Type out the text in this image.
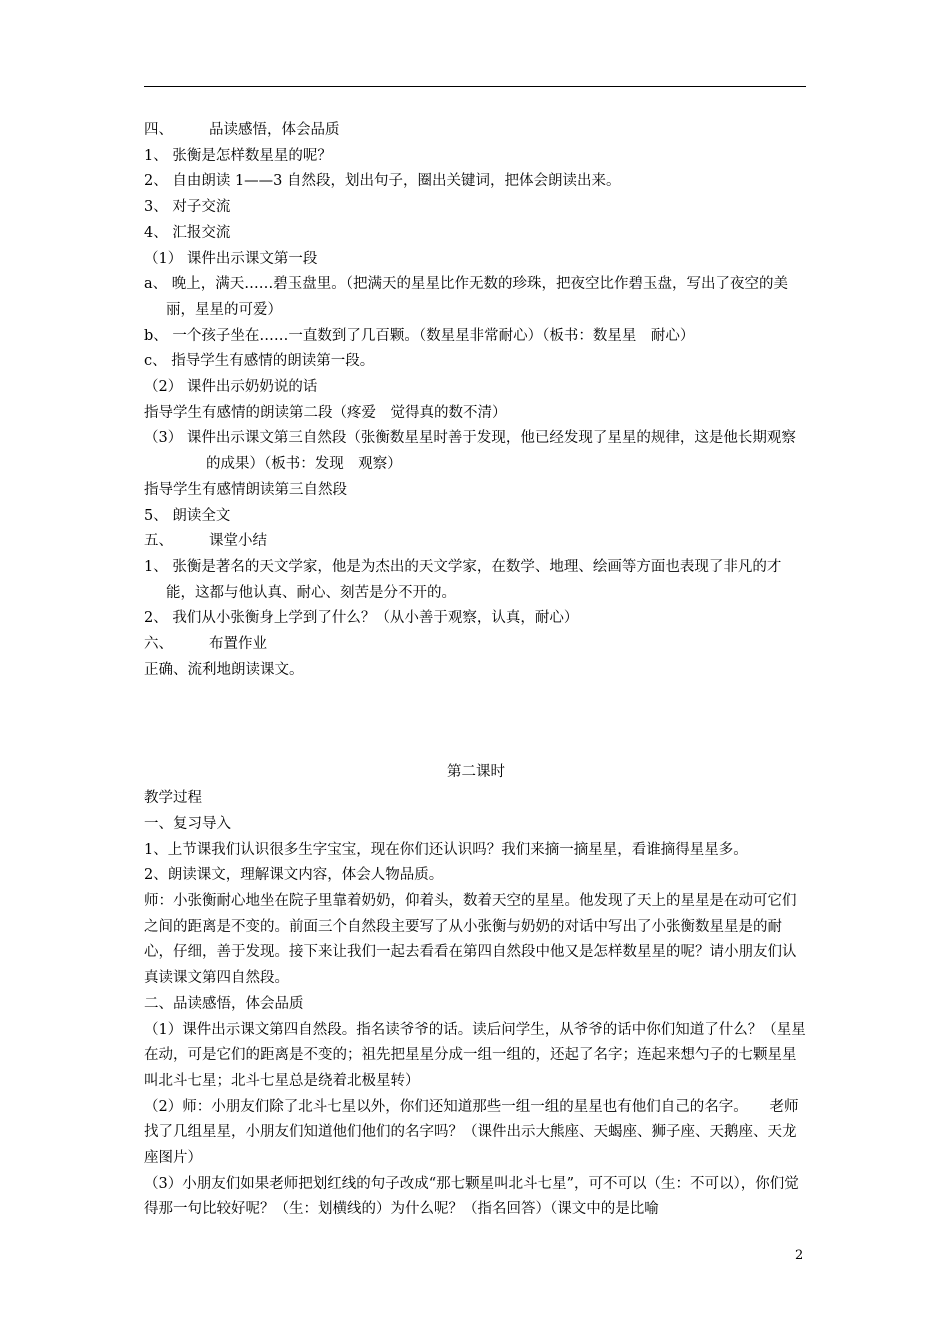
四、 品读感悟，体会品质
1、 张衡是怎样数星星的呢？
2、 自由朗读 1——3 自然段，划出句子，圈出关键词，把体会朗读出来。
3、 对子交流
4、 汇报交流
（1） 课件出示课文第一段
a、 晚上，满天……碧玉盘里。（把满天的星星比作无数的珍珠，把夜空比作碧玉盘，写出了夜空的美丽，星星的可爱）
b、 一个孩子坐在……一直数到了几百颗。（数星星非常耐心）（板书：数星星　耐心）
c、 指导学生有感情的朗读第一段。
（2） 课件出示奶奶说的话
指导学生有感情的朗读第二段（疼爱　觉得真的数不清）
（3） 课件出示课文第三自然段（张衡数星星时善于发现，他已经发现了星星的规律，这是他长期观察的成果）（板书：发现　观察）
指导学生有感情朗读第三自然段
5、 朗读全文
五、 课堂小结
1、 张衡是著名的天文学家，他是为杰出的天文学家，在数学、地理、绘画等方面也表现了非凡的才能，这都与他认真、耐心、刻苦是分不开的。
2、 我们从小张衡身上学到了什么？（从小善于观察，认真，耐心）
六、 布置作业
正确、流利地朗读课文。
第二课时
教学过程
一、复习导入
1、上节课我们认识很多生字宝宝，现在你们还认识吗？我们来摘一摘星星，看谁摘得星星多。
2、朗读课文，理解课文内容，体会人物品质。
师：小张衡耐心地坐在院子里靠着奶奶，仰着头，数着天空的星星。他发现了天上的星星是在动可它们之间的距离是不变的。前面三个自然段主要写了从小张衡与奶奶的对话中写出了小张衡数星星是的耐心，仔细，善于发现。接下来让我们一起去看看在第四自然段中他又是怎样数星星的呢？请小朋友们认真读课文第四自然段。
二、品读感悟，体会品质
（1）课件出示课文第四自然段。指名读爷爷的话。读后问学生，从爷爷的话中你们知道了什么？（星星在动，可是它们的距离是不变的；祖先把星星分成一组一组的，还起了名字；连起来想勺子的七颗星星叫北斗七星；北斗七星总是绕着北极星转）
（2）师：小朋友们除了北斗七星以外，你们还知道那些一组一组的星星也有他们自己的名字。　　老师找了几组星星，小朋友们知道他们他们的名字吗？（课件出示大熊座、天蝎座、狮子座、天鹅座、天龙座图片）
（3）小朋友们如果老师把划红线的句子改成“那七颗星叫北斗七星”，可不可以（生：不可以），你们觉得那一句比较好呢？（生：划横线的）为什么呢？（指名回答）（课文中的是比喻
2
